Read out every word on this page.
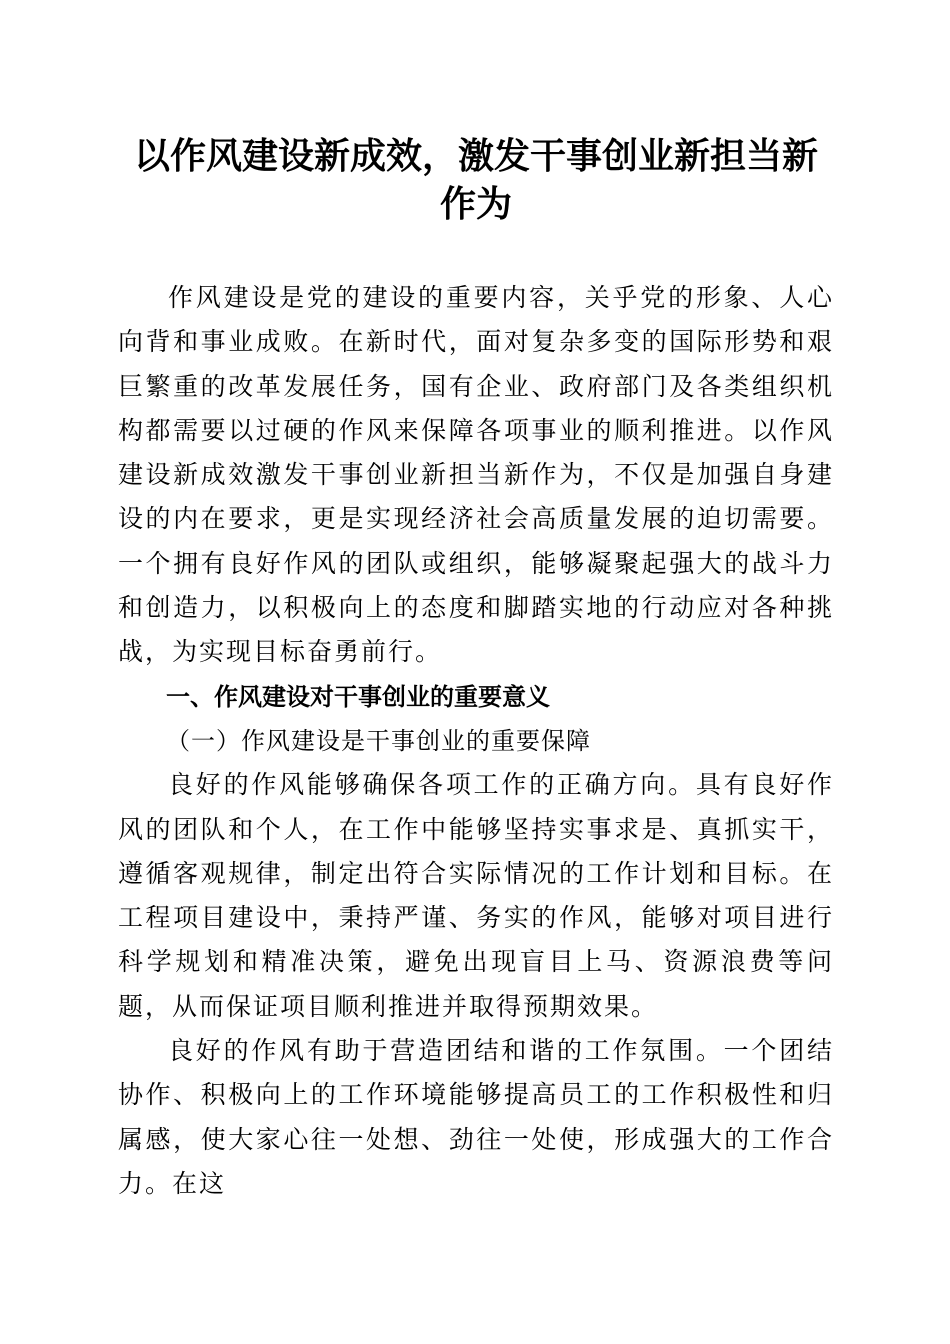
以作风建设新成效，激发干事创业新担当新作为

作风建设是党的建设的重要内容，关乎党的形象、人心向背和事业成败。在新时代，面对复杂多变的国际形势和艰巨繁重的改革发展任务，国有企业、政府部门及各类组织机构都需要以过硬的作风来保障各项事业的顺利推进。以作风建设新成效激发干事创业新担当新作为，不仅是加强自身建设的内在要求，更是实现经济社会高质量发展的迫切需要。一个拥有良好作风的团队或组织，能够凝聚起强大的战斗力和创造力，以积极向上的态度和脚踏实地的行动应对各种挑战，为实现目标奋勇前行。

一、作风建设对干事创业的重要意义

（一）作风建设是干事创业的重要保障

良好的作风能够确保各项工作的正确方向。具有良好作风的团队和个人，在工作中能够坚持实事求是、真抓实干，遵循客观规律，制定出符合实际情况的工作计划和目标。在工程项目建设中，秉持严谨、务实的作风，能够对项目进行科学规划和精准决策，避免出现盲目上马、资源浪费等问题，从而保证项目顺利推进并取得预期效果。

良好的作风有助于营造团结和谐的工作氛围。一个团结协作、积极向上的工作环境能够提高员工的工作积极性和归属感，使大家心往一处想、劲往一处使，形成强大的工作合力。在这
